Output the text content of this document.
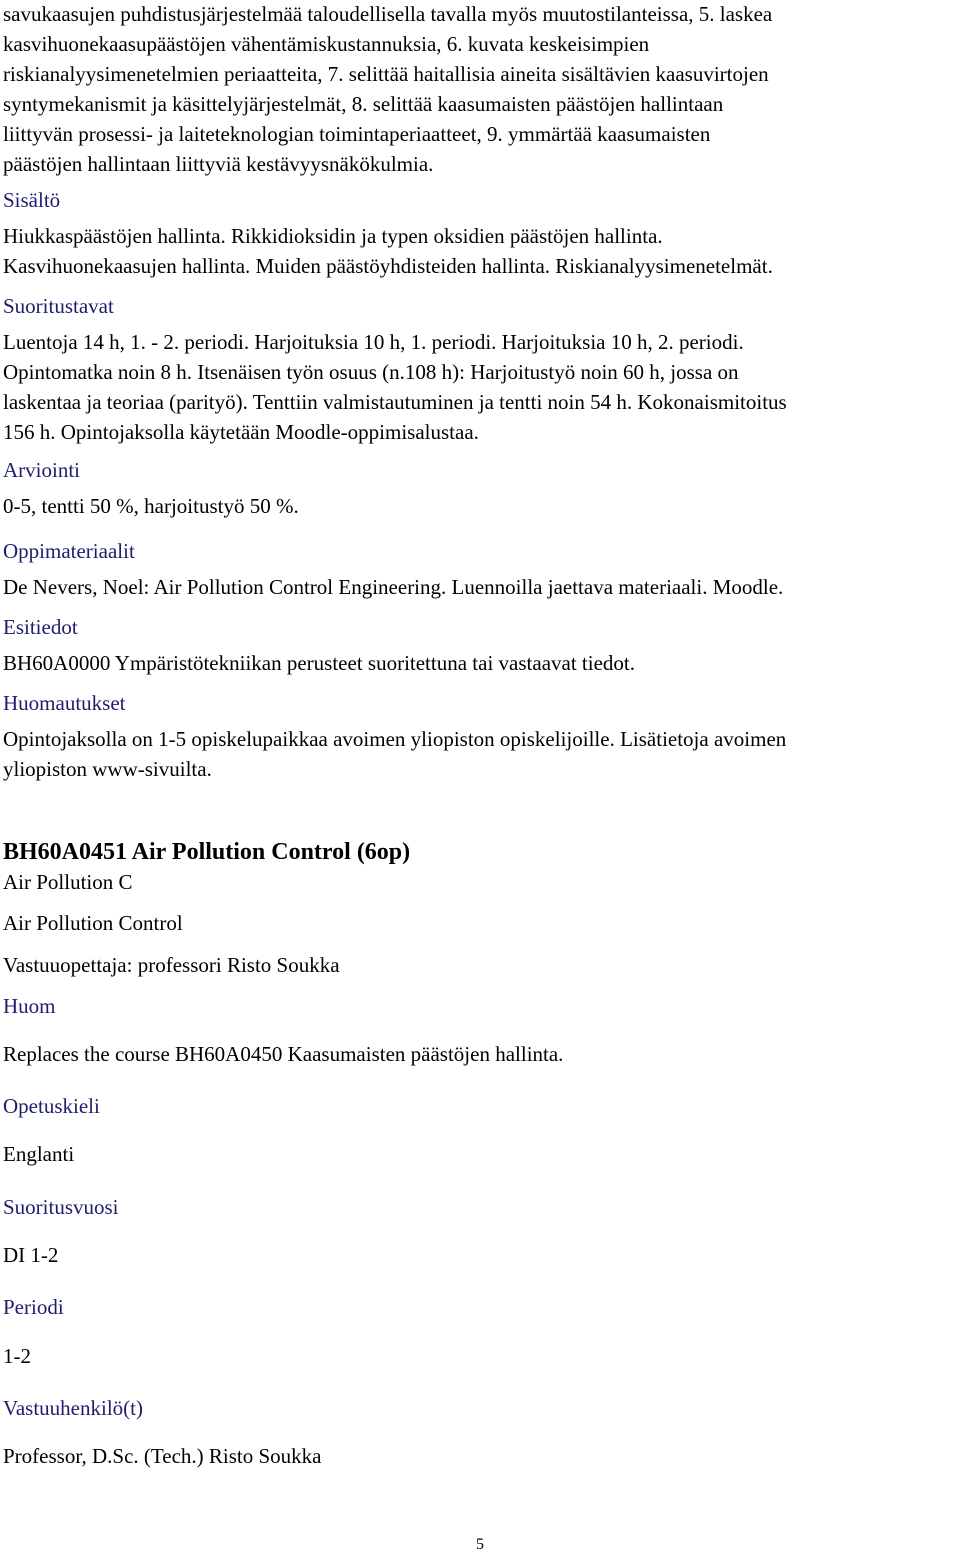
savukaasujen puhdistusjärjestelmää taloudellisella tavalla myös muutostilanteissa, 5. laskea

kasvihuonekaasupäästöjen vähentämiskustannuksia, 6. kuvata keskeisimpien

riskianalyysimenetelmien periaatteita, 7. selittää haitallisia aineita sisältävien kaasuvirtojen

syntymekanismit ja käsittelyjärjestelmät, 8. selittää kaasumaisten päästöjen hallintaan

liittyvän prosessi- ja laiteteknologian toimintaperiaatteet, 9. ymmärtää kaasumaisten

päästöjen hallintaan liittyviä kestävyysnäkökulmia.

Sisältö

Hiukkaspäästöjen hallinta. Rikkidioksidin ja typen oksidien päästöjen hallinta.

Kasvihuonekaasujen hallinta. Muiden päästöyhdisteiden hallinta. Riskianalyysimenetelmät.

Suoritustavat

Luentoja 14 h, 1. - 2. periodi. Harjoituksia 10 h, 1. periodi. Harjoituksia 10 h, 2. periodi.

Opintomatka noin 8 h. Itsenäisen työn osuus (n.108 h): Harjoitustyö noin 60 h, jossa on

laskentaa ja teoriaa (parityö). Tenttiin valmistautuminen ja tentti noin 54 h. Kokonaismitoitus

156 h. Opintojaksolla käytetään Moodle-oppimisalustaa.

Arviointi

0-5, tentti 50 %, harjoitustyö 50 %.

Oppimateriaalit

De Nevers, Noel: Air Pollution Control Engineering. Luennoilla jaettava materiaali. Moodle.

Esitiedot

BH60A0000 Ympäristötekniikan perusteet suoritettuna tai vastaavat tiedot.

Huomautukset

Opintojaksolla on 1-5 opiskelupaikkaa avoimen yliopiston opiskelijoille. Lisätietoja avoimen

yliopiston www-sivuilta.

BH60A0451 Air Pollution Control (6op)

Air Pollution C

Air Pollution Control

Vastuuopettaja: professori Risto Soukka

Huom

Replaces the course BH60A0450 Kaasumaisten päästöjen hallinta.

Opetuskieli

Englanti

Suoritusvuosi

DI 1-2

Periodi

1-2

Vastuuhenkilö(t)

Professor, D.Sc. (Tech.) Risto Soukka

5
